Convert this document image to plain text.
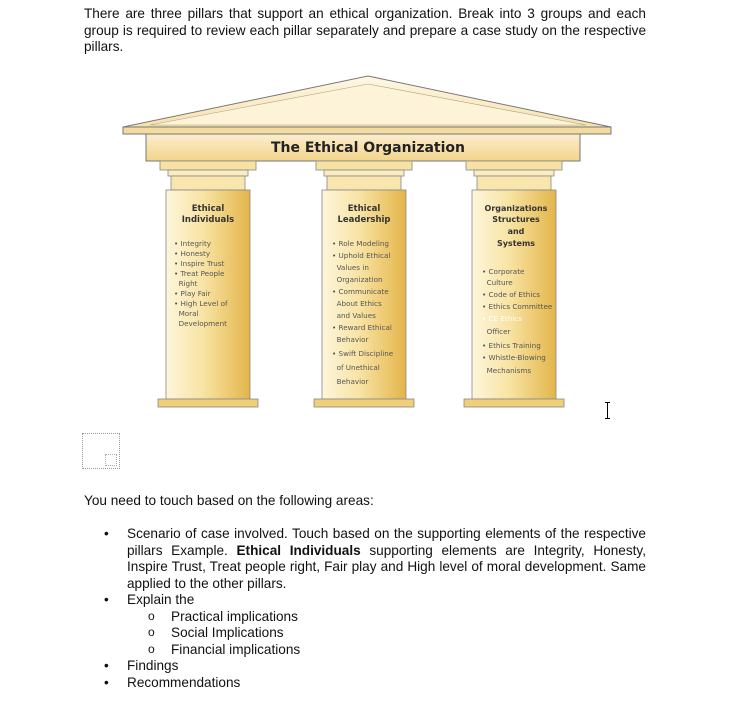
There are three pillars that support an ethical organization. Break into 3 groups and each group is required to review each pillar separately and prepare a case study on the respective pillars.

The Ethical Organization
Ethical
Individuals
• Integrity
• Honesty
• Inspire Trust
• Treat People
Right
• Play Fair
• High Level of
Moral
Development
Ethical
Leadership
• Role Modeling
• Uphold Ethical
Values in
Organization
• Communicate
About Ethics
and Values
• Reward Ethical
Behavior
• Swift Discipline
of Unethical
Behavior
Organizations
Structures
and
Systems
• Corporate
Culture
• Code of Ethics
• Ethics Committee
• CE Ethics
Officer
• Ethics Training
• Whistle-Blowing
Mechanisms

You need to touch based on the following areas:

• Scenario of case involved. Touch based on the supporting elements of the respective pillars Example. Ethical Individuals supporting elements are Integrity, Honesty, Inspire Trust, Treat people right, Fair play and High level of moral development. Same applied to the other pillars.
• Explain the
o Practical implications
o Social Implications
o Financial implications
• Findings
• Recommendations
